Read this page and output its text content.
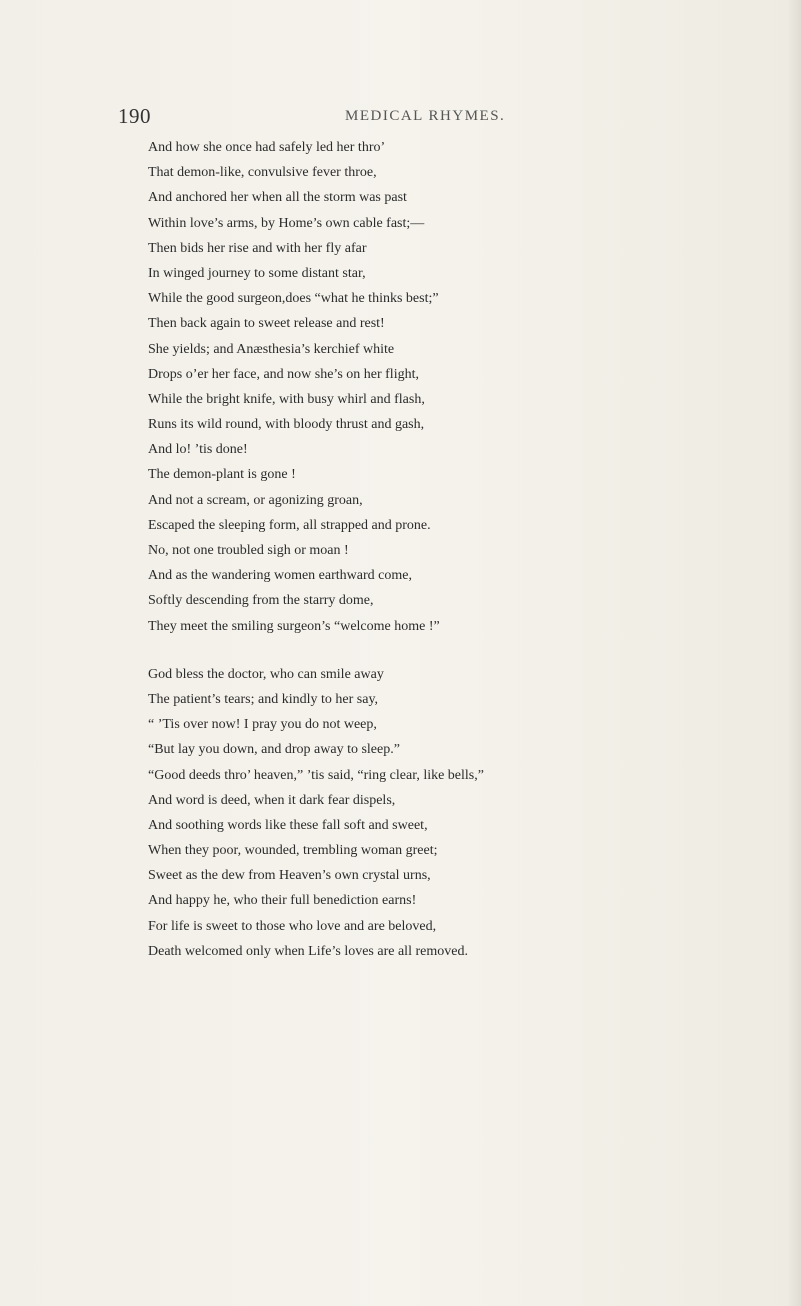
190	MEDICAL RHYMES.

And how she once had safely led her thro’
That demon-like, convulsive fever throe,
And anchored her when all the storm was past
Within love’s arms, by Home’s own cable fast;—
Then bids her rise and with her fly afar
In winged journey to some distant star,
While the good surgeon,does “what he thinks best;”
Then back again to sweet release and rest!
She yields; and Anæsthesia’s kerchief white
Drops o’er her face, and now she’s on her flight,
While the bright knife, with busy whirl and flash,
Runs its wild round, with bloody thrust and gash,
And lo! ’tis done!
The demon-plant is gone !
And not a scream, or agonizing groan,
Escaped the sleeping form, all strapped and prone.
No, not one troubled sigh or moan !
And as the wandering women earthward come,
Softly descending from the starry dome,
They meet the smiling surgeon’s “welcome home !”
God bless the doctor, who can smile away
The patient’s tears; and kindly to her say,
“ ’Tis over now! I pray you do not weep,
“But lay you down, and drop away to sleep.”
“Good deeds thro’ heaven,” ’tis said, “ring clear, like bells,”
And word is deed, when it dark fear dispels,
And soothing words like these fall soft and sweet,
When they poor, wounded, trembling woman greet;
Sweet as the dew from Heaven’s own crystal urns,
And happy he, who their full benediction earns!
For life is sweet to those who love and are beloved,
Death welcomed only when Life’s loves are all removed.
